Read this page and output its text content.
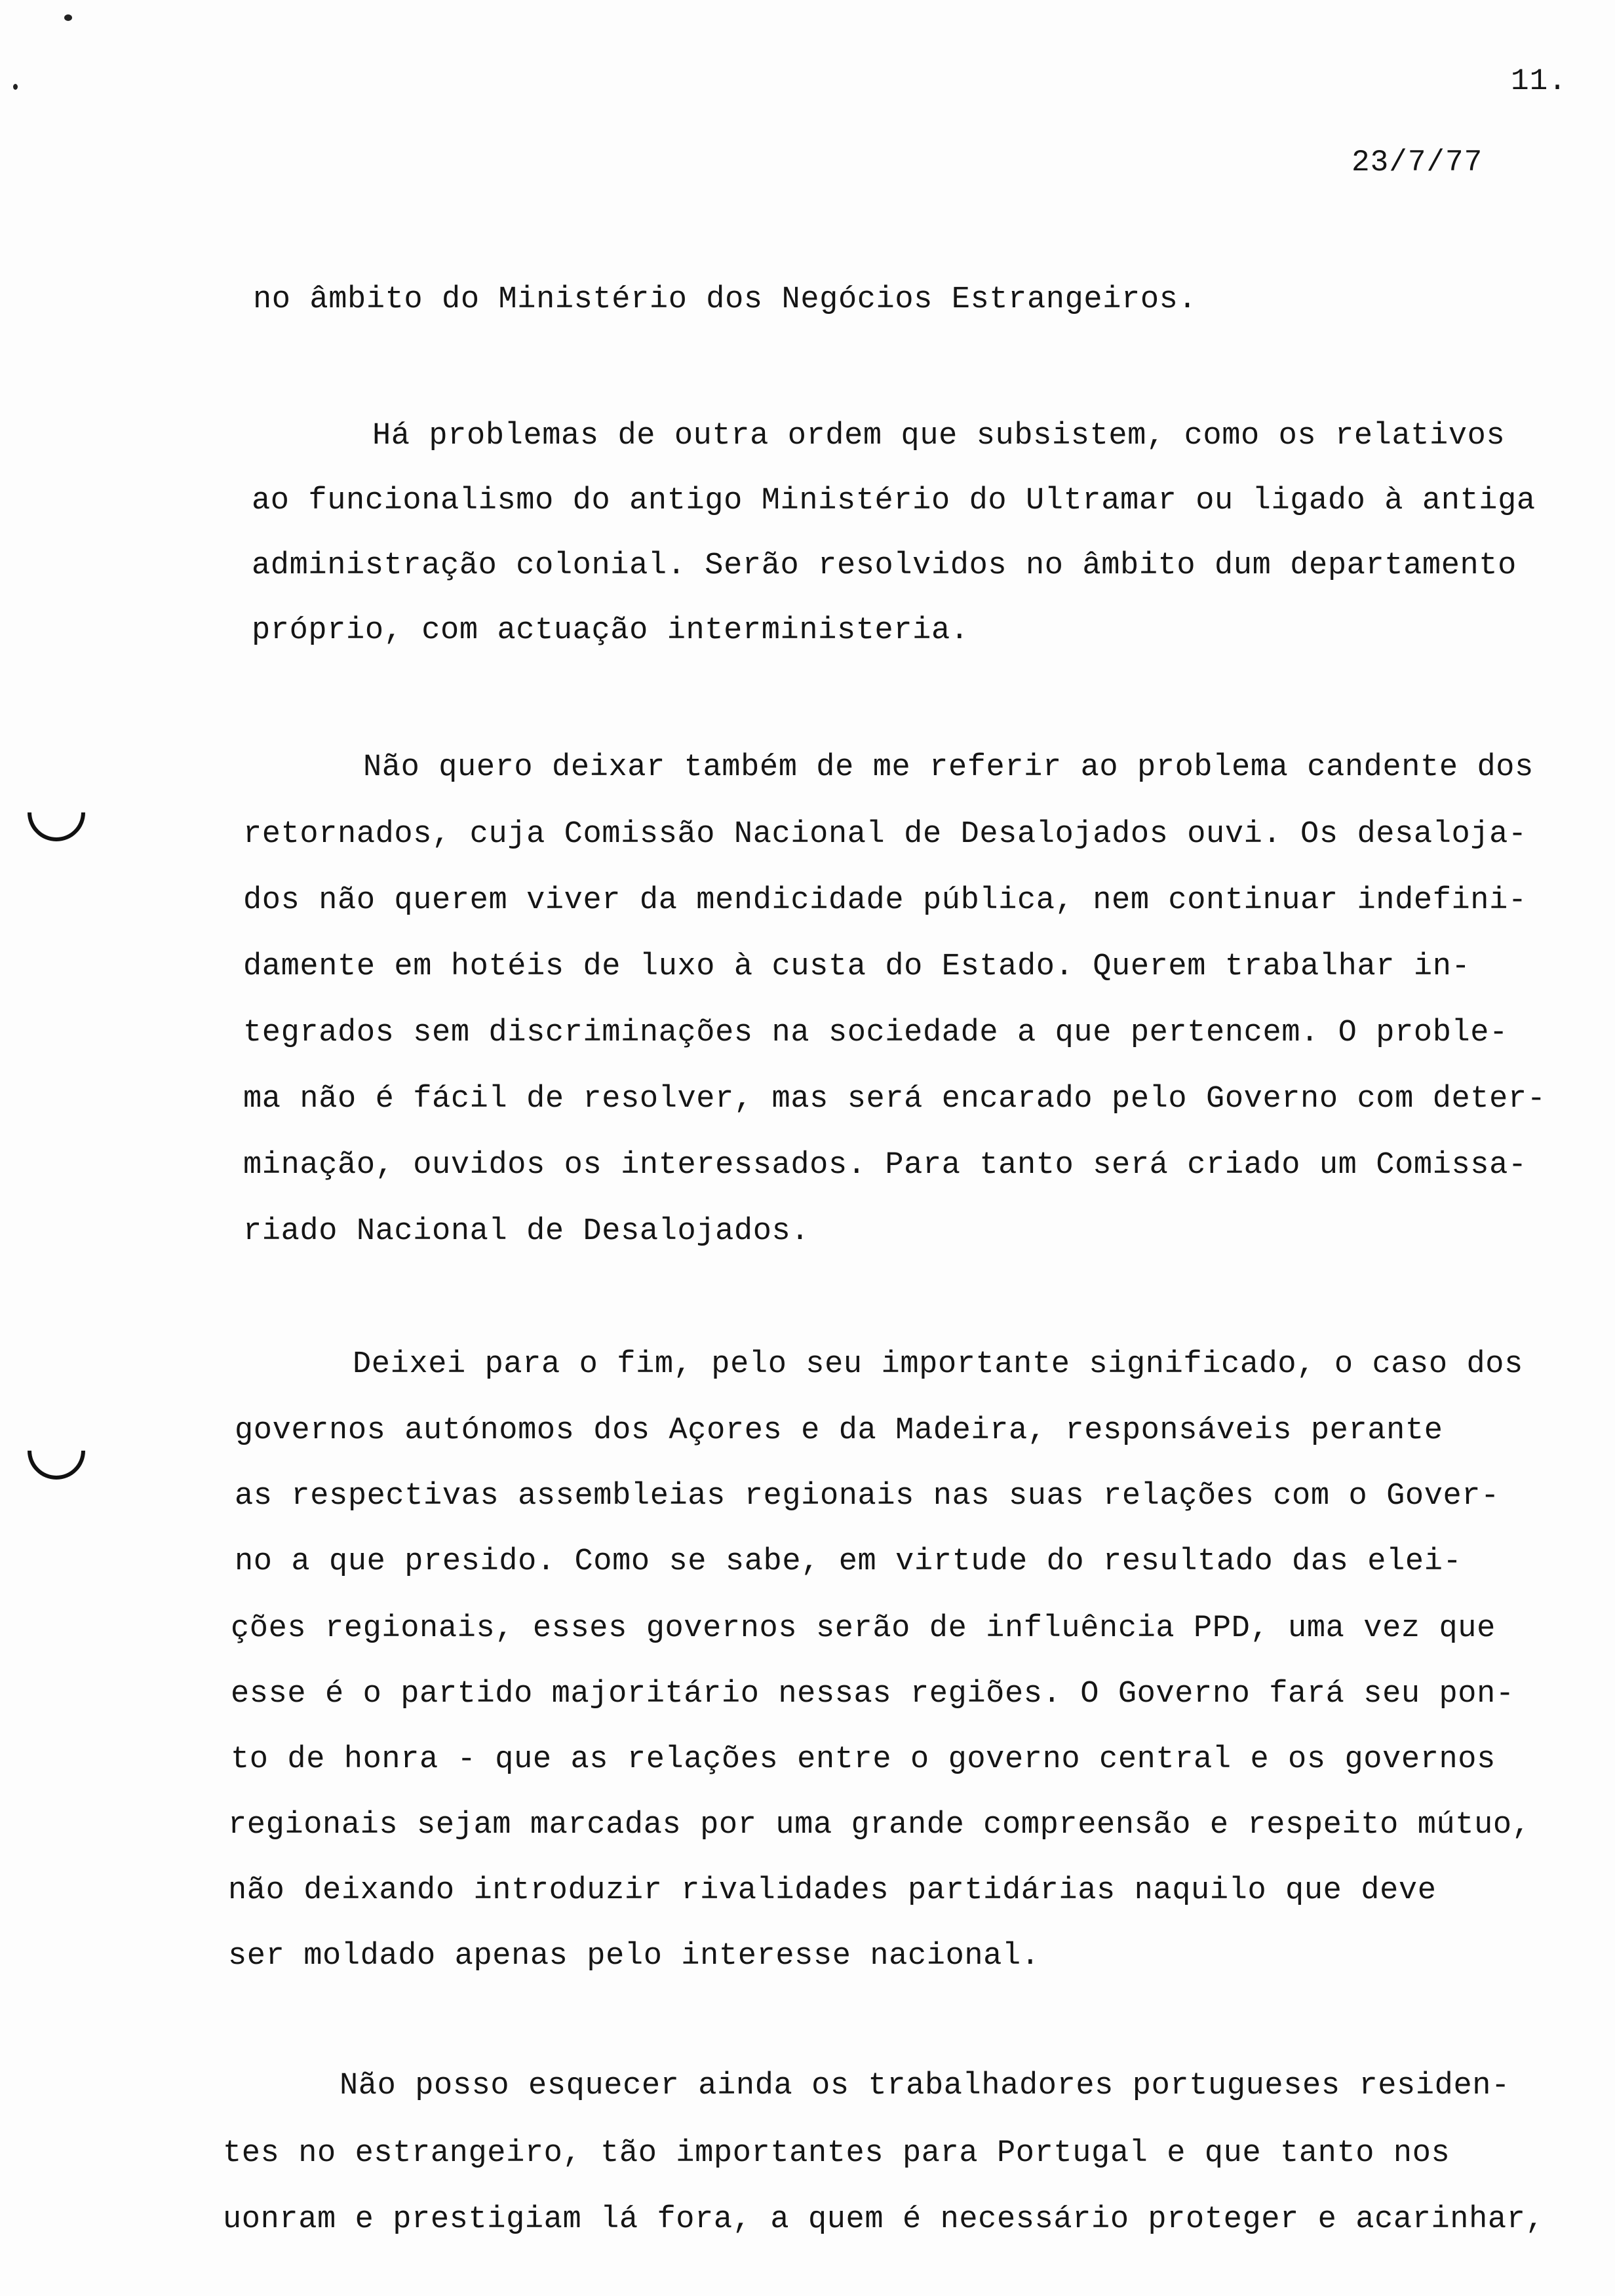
11.
23/7/77
no âmbito do Ministério dos Negócios Estrangeiros.
Há problemas de outra ordem que subsistem, como os relativos
ao funcionalismo do antigo Ministério do Ultramar ou ligado à antiga
administração colonial. Serão resolvidos no âmbito dum departamento
próprio, com actuação interministeria.
Não quero deixar também de me referir ao problema candente dos
retornados, cuja Comissão Nacional de Desalojados ouvi. Os desaloja-
dos não querem viver da mendicidade pública, nem continuar indefini-
damente em hotéis de luxo à custa do Estado. Querem trabalhar in-
tegrados sem discriminações na sociedade a que pertencem. O proble-
ma não é fácil de resolver, mas será encarado pelo Governo com deter-
minação, ouvidos os interessados. Para tanto será criado um Comissa-
riado Nacional de Desalojados.
Deixei para o fim, pelo seu importante significado, o caso dos
governos autónomos dos Açores e da Madeira, responsáveis perante
as respectivas assembleias regionais nas suas relações com o Gover-
no a que presido. Como se sabe, em virtude do resultado das elei-
ções regionais, esses governos serão de influência PPD, uma vez que
esse é o partido majoritário nessas regiões. O Governo fará seu pon-
to de honra - que as relações entre o governo central e os governos
regionais sejam marcadas por uma grande compreensão e respeito mútuo,
não deixando introduzir rivalidades partidárias naquilo que deve
ser moldado apenas pelo interesse nacional.
Não posso esquecer ainda os trabalhadores portugueses residen-
tes no estrangeiro, tão importantes para Portugal e que tanto nos
uonram e prestigiam lá fora, a quem é necessário proteger e acarinhar,
